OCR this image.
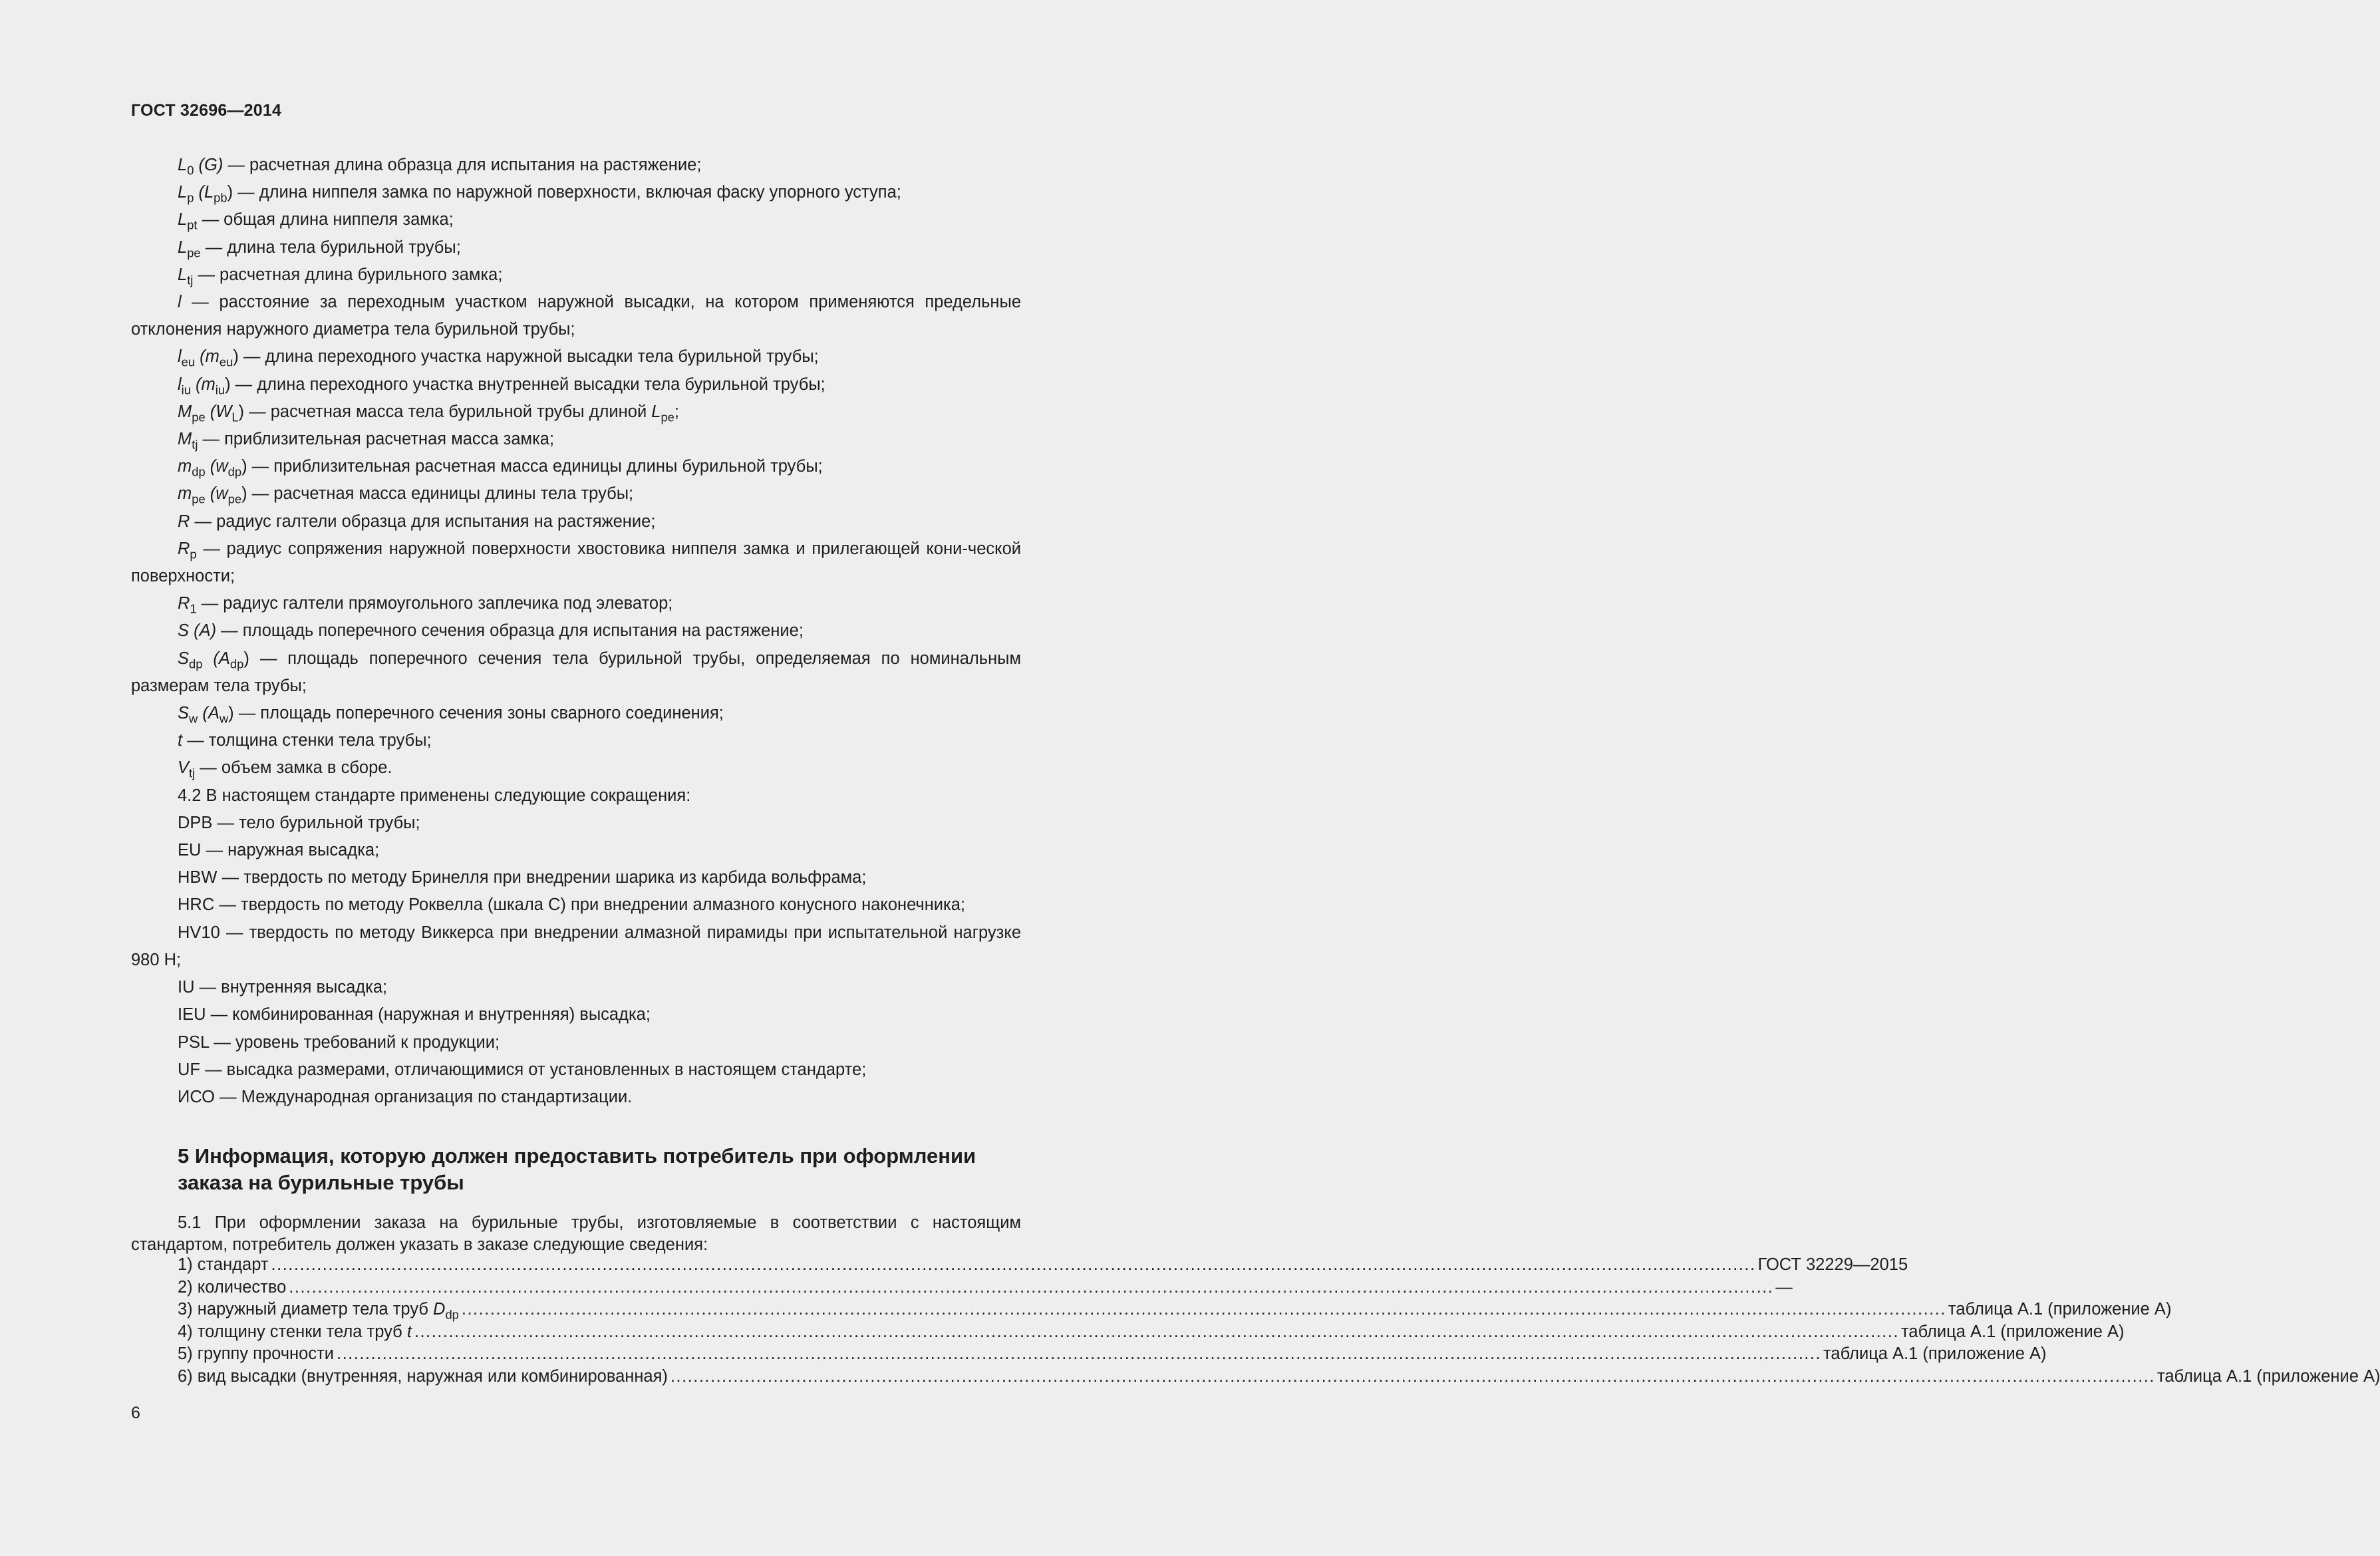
ГОСТ 32696—2014

$L_0$ (G) — расчетная длина образца для испытания на растяжение;

$L_p$ $(L_{pb})$ — длина ниппеля замка по наружной поверхности, включая фаску упорного уступа;

$L_{pt}$ — общая длина ниппеля замка;

$L_{pe}$ — длина тела бурильной трубы;

$L_{tj}$ — расчетная длина бурильного замка;

l — расстояние за переходным участком наружной высадки, на котором применяются предельные отклонения наружного диаметра тела бурильной трубы;

$l_{eu}$ $(m_{eu})$ — длина переходного участка наружной высадки тела бурильной трубы;

$l_{iu}$ $(m_{iu})$ — длина переходного участка внутренней высадки тела бурильной трубы;

$M_{pe}$ $(W_L)$ — расчетная масса тела бурильной трубы длиной $L_{pe}$;

$M_{tj}$ — приблизительная расчетная масса замка;

$m_{dp}$ $(w_{dp})$ — приблизительная расчетная масса единицы длины бурильной трубы;

$m_{pe}$ $(w_{pe})$ — расчетная масса единицы длины тела трубы;

R — радиус галтели образца для испытания на растяжение;

$R_p$ — радиус сопряжения наружной поверхности хвостовика ниппеля замка и прилегающей кони-ческой поверхности;

$R_1$ — радиус галтели прямоугольного заплечика под элеватор;

S (A) — площадь поперечного сечения образца для испытания на растяжение;

$S_{dp}$ $(A_{dp})$ — площадь поперечного сечения тела бурильной трубы, определяемая по номинальным размерам тела трубы;

$S_w$ $(A_w)$ — площадь поперечного сечения зоны сварного соединения;

t — толщина стенки тела трубы;

$V_{tj}$ — объем замка в сборе.

4.2 В настоящем стандарте применены следующие сокращения:

DPB — тело бурильной трубы;

EU — наружная высадка;

HBW — твердость по методу Бринелля при внедрении шарика из карбида вольфрама;

HRC — твердость по методу Роквелла (шкала С) при внедрении алмазного конусного наконечника;

HV10 — твердость по методу Виккерса при внедрении алмазной пирамиды при испытательной нагрузке 980 Н;

IU — внутренняя высадка;

IEU — комбинированная (наружная и внутренняя) высадка;

PSL — уровень требований к продукции;

UF — высадка размерами, отличающимися от установленных в настоящем стандарте;

ИСО — Международная организация по стандартизации.

5 Информация, которую должен предоставить потребитель при оформлении заказа на бурильные трубы

5.1 При оформлении заказа на бурильные трубы, изготовляемые в соответствии с настоящим стандартом, потребитель должен указать в заказе следующие сведения:

1) стандарт .................................................................................................................................................................................................................................................................... ГОСТ 32229—2015
2) количество .................................................................................................................................................................................................................................................................... —
3) наружный диаметр тела труб $D_{dp}$ .................................................................................................................................................................................................................................................................... таблица А.1 (приложение А)
4) толщину стенки тела труб t .................................................................................................................................................................................................................................................................... таблица А.1 (приложение А)
5) группу прочности .................................................................................................................................................................................................................................................................... таблица А.1 (приложение А)
6) вид высадки (внутренняя, наружная или комбинированная) .................................................................................................................................................................................................................................................................... таблица А.1 (приложение А)
6
